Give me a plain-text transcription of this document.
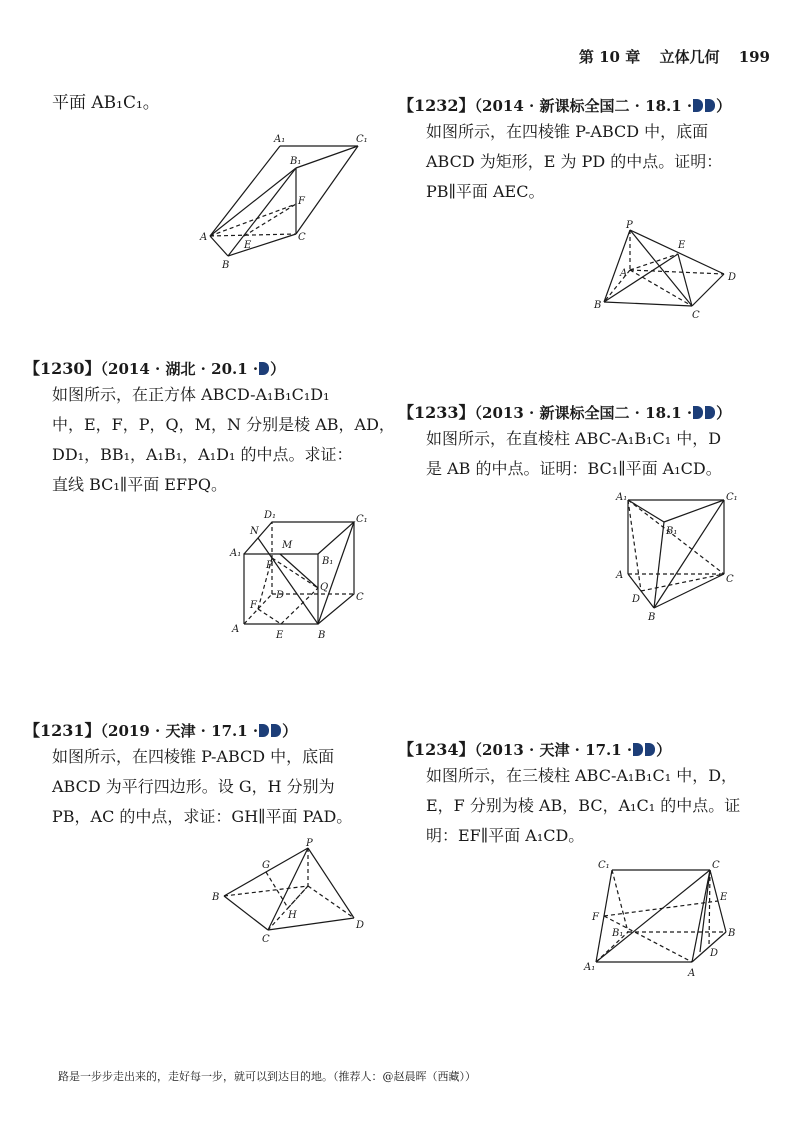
第 10 章 立体几何 199
平面 AB₁C₁。
A₁	C₁
B₁
F
A
E
C
B
【1230】（2014 · 湖北 · 20.1 · ）
如图所示，在正方体 ABCD-A₁B₁C₁D₁
中，E，F，P，Q，M，N 分别是棱 AB，AD，
DD₁，BB₁，A₁B₁，A₁D₁ 的中点。求证：
直线 BC₁∥平面 EFPQ。
D₁	C₁
N
M
A₁
B₁
P
Q
D	C
F
A
E	B
【1231】（2019 · 天津 · 17.1 · ）
如图所示，在四棱锥 P-ABCD 中，底面
ABCD 为平行四边形。设 G，H 分别为
PB，AC 的中点，求证：GH∥平面 PAD。
P
G
B
H
C
D
【1232】（2014 · 新课标全国二 · 18.1 · ）
如图所示，在四棱锥 P-ABCD 中，底面
ABCD 为矩形，E 为 PD 的中点。证明：
PB∥平面 AEC。
P
E
A	D
B
C
【1233】（2013 · 新课标全国二 · 18.1 · ）
如图所示，在直棱柱 ABC-A₁B₁C₁ 中，D
是 AB 的中点。证明：BC₁∥平面 A₁CD。
A₁	C₁
B₁
A	C
D
B
【1234】（2013 · 天津 · 17.1 · ）
如图所示，在三棱柱 ABC-A₁B₁C₁ 中，D，
E，F 分别为棱 AB，BC，A₁C₁ 的中点。证
明：EF∥平面 A₁CD。
C₁	C
E
F
B₁	B
D
A₁
A
路是一步步走出来的，走好每一步，就可以到达目的地。（推荐人：@赵晨晖（西藏））
